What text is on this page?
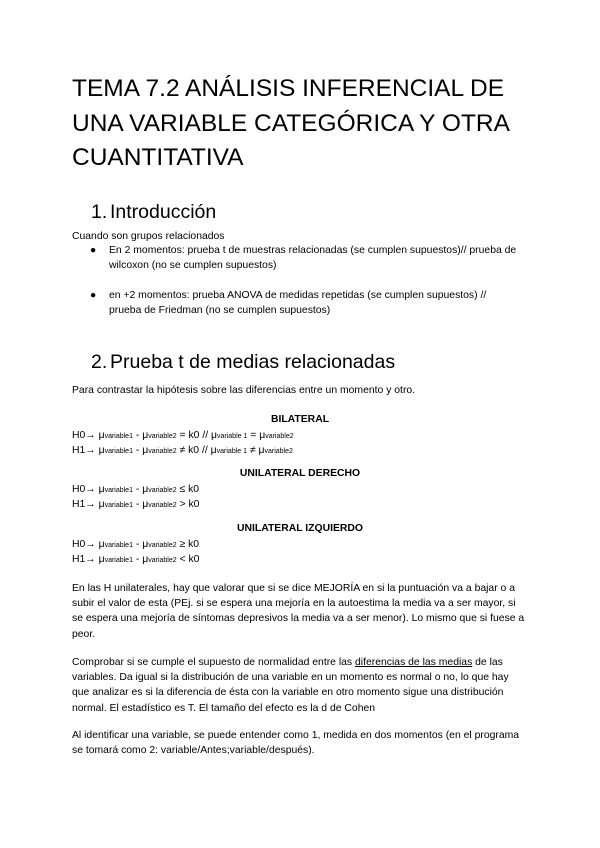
TEMA 7.2 ANÁLISIS INFERENCIAL DE UNA VARIABLE CATEGÓRICA Y OTRA CUANTITATIVA
1. Introducción

Cuando son grupos relacionados

● En 2 momentos: prueba t de muestras relacionadas (se cumplen supuestos)// prueba de wilcoxon (no se cumplen supuestos)
● en +2 momentos: prueba ANOVA de medidas repetidas (se cumplen supuestos) // prueba de Friedman (no se cumplen supuestos)
2. Prueba t de medias relacionadas

Para contrastar la hipótesis sobre las diferencias entre un momento y otro.

BILATERAL
H0→ μvariable1 - μvariable2 = k0 // μvariable 1 = μvariable2
H1→ μvariable1 - μvariable2 ≠ k0 // μvariable 1 ≠ μvariable2
UNILATERAL DERECHO
H0→ μvariable1 - μvariable2 ≤ k0
H1→ μvariable1 - μvariable2 > k0
UNILATERAL IZQUIERDO
H0→ μvariable1 - μvariable2 ≥ k0
H1→ μvariable1 - μvariable2 < k0

En las H unilaterales, hay que valorar que si se dice MEJORÍA en si la puntuación va a bajar o a subir el valor de esta (PEj. si se espera una mejoría en la autoestima la media va a ser mayor, si se espera una mejoría de síntomas depresivos la media va a ser menor). Lo mismo que si fuese a peor.

Comprobar si se cumple el supuesto de normalidad entre las diferencias de las medias de las variables. Da igual si la distribución de una variable en un momento es normal o no, lo que hay que analizar es si la diferencia de ésta con la variable en otro momento sigue una distribución normal. El estadístico es T. El tamaño del efecto es la d de Cohen

Al identificar una variable, se puede entender como 1, medida en dos momentos (en el programa se tomará como 2: variable/Antes;variable/después).
